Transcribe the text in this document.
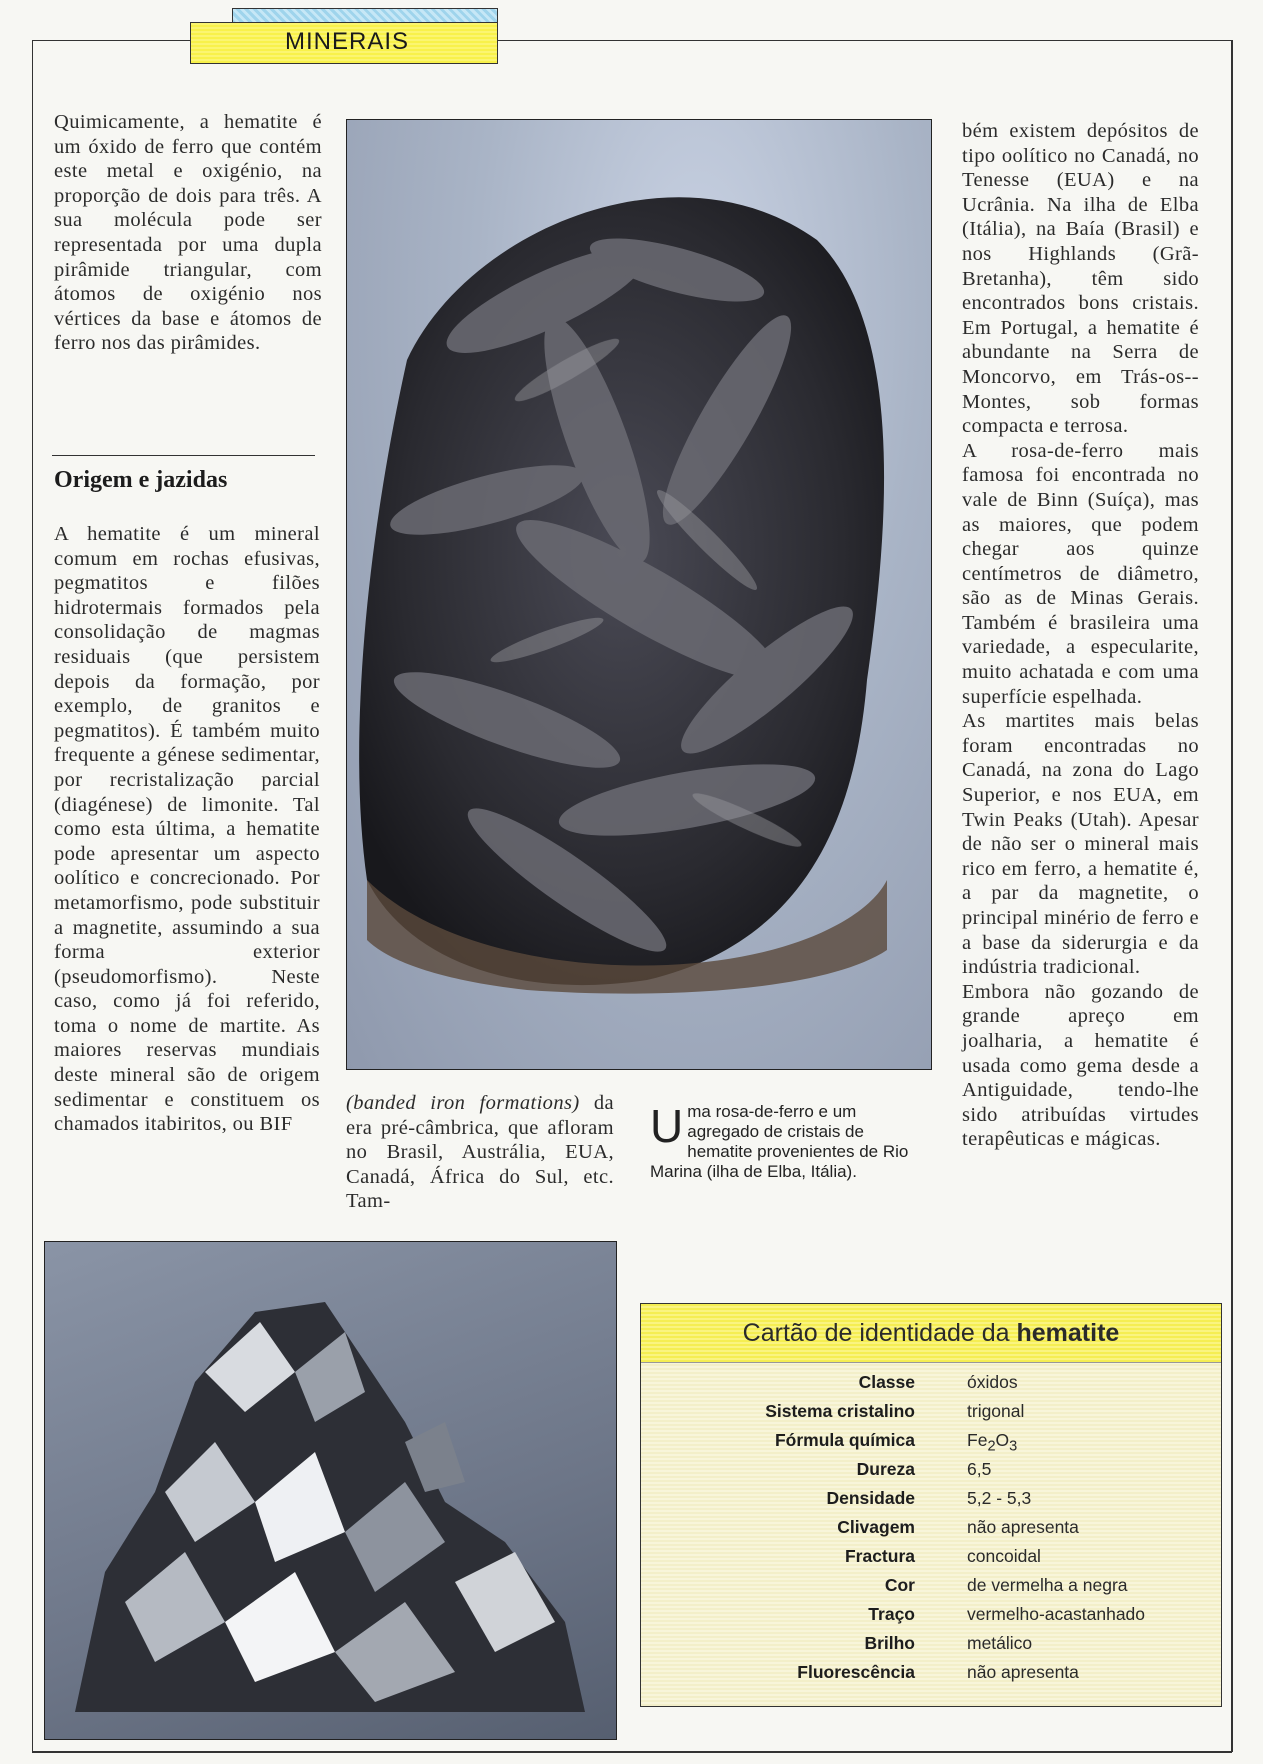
MINERAIS

Quimicamente, a hematite é um óxido de ferro que contém este metal e oxigénio, na proporção de dois para três. A sua molécula pode ser representada por uma dupla pirâmide triangular, com átomos de oxigénio nos vértices da base e átomos de ferro nos das pirâmides.

Origem e jazidas

A hematite é um mineral comum em rochas efusivas, pegmatitos e filões hidrotermais formados pela consolidação de magmas residuais (que persistem depois da formação, por exemplo, de granitos e pegmatitos). É também muito frequente a génese sedimentar, por recristalização parcial (diagénese) de limonite. Tal como esta última, a hematite pode apresentar um aspecto oolítico e concrecionado. Por metamorfismo, pode substituir a magnetite, assumindo a sua forma exterior (pseudomorfismo). Neste caso, como já foi referido, toma o nome de martite. As maiores reservas mundiais deste mineral são de origem sedimentar e constituem os chamados itabiritos, ou BIF

(banded iron formations) da era pré-câmbrica, que afloram no Brasil, Austrália, EUA, Canadá, África do Sul, etc. Tam-

Uma rosa-de-ferro e um agregado de cristais de hematite provenientes de Rio Marina (ilha de Elba, Itália).

bém existem depósitos de tipo oolítico no Canadá, no Tenesse (EUA) e na Ucrânia. Na ilha de Elba (Itália), na Baía (Brasil) e nos Highlands (Grã-Bretanha), têm sido encontrados bons cristais. Em Portugal, a hematite é abundante na Serra de Moncorvo, em Trás-os--Montes, sob formas compacta e terrosa.

A rosa-de-ferro mais famosa foi encontrada no vale de Binn (Suíça), mas as maiores, que podem chegar aos quinze centímetros de diâmetro, são as de Minas Gerais. Também é brasileira uma variedade, a especularite, muito achatada e com uma superfície espelhada.

As martites mais belas foram encontradas no Canadá, na zona do Lago Superior, e nos EUA, em Twin Peaks (Utah). Apesar de não ser o mineral mais rico em ferro, a hematite é, a par da magnetite, o principal minério de ferro e a base da siderurgia e da indústria tradicional.

Embora não gozando de grande apreço em joalharia, a hematite é usada como gema desde a Antiguidade, tendo-lhe sido atribuídas virtudes terapêuticas e mágicas.

Cartão de identidade da hematite
Classe	óxidos
Sistema cristalino	trigonal
Fórmula química	$Fe_2O_3$
Dureza	6,5
Densidade	5,2 - 5,3
Clivagem	não apresenta
Fractura	concoidal
Cor	de vermelha a negra
Traço	vermelho-acastanhado
Brilho	metálico
Fluorescência	não apresenta
